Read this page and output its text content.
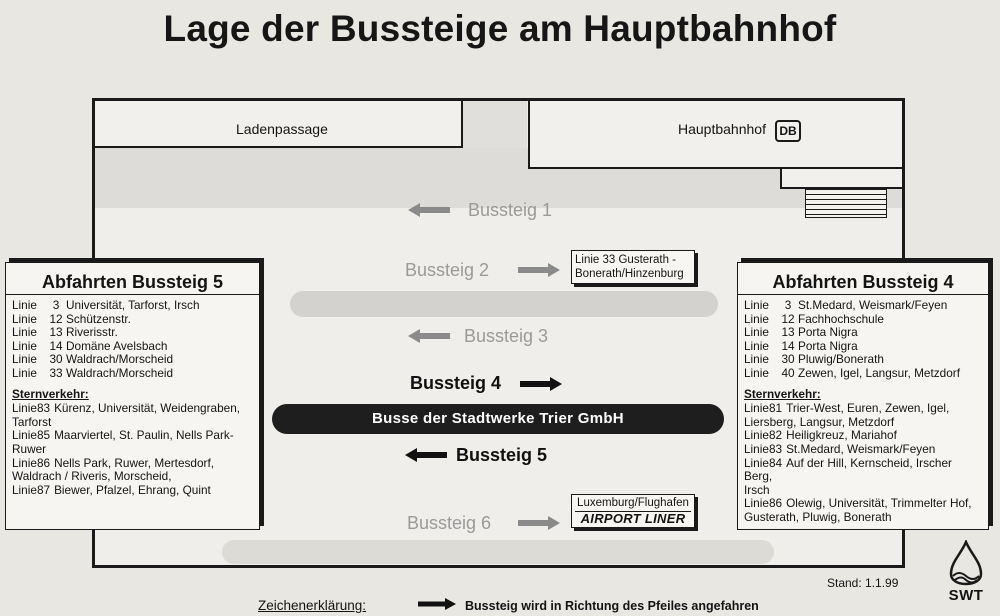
Lage der Bussteige am Hauptbahnhof
Ladenpassage	Hauptbahnhof	DB
Bussteig 1
Bussteig 2	Linie 33 Gusterath - Bonerath/Hinzenburg
Bussteig 3
Bussteig 4
Busse der Stadtwerke Trier GmbH
Bussteig 5
Bussteig 6
Luxemburg/Flughafen
AIRPORT LINER
Abfahrten Bussteig 5
Linie	3 Universität, Tarforst, Irsch
Linie	12 Schützenstr.
Linie	13 Riverisstr.
Linie	14 Domäne Avelsbach
Linie	30 Waldrach/Morscheid
Linie	33 Waldrach/Morscheid
Sternverkehr:
Linie83 Kürenz, Universität, Weidengraben,
Tarforst
Linie85 Maarviertel, St. Paulin, Nells Park-
Ruwer
Linie86 Nells Park, Ruwer, Mertesdorf,
Waldrach / Riveris, Morscheid,
Linie87 Biewer, Pfalzel, Ehrang, Quint
Abfahrten Bussteig 4
Linie	3 St.Medard, Weismark/Feyen
Linie	12 Fachhochschule
Linie	13 Porta Nigra
Linie	14 Porta Nigra
Linie	30 Pluwig/Bonerath
Linie	40 Zewen, Igel, Langsur, Metzdorf
Sternverkehr:
Linie81 Trier-West, Euren, Zewen, Igel,
Liersberg, Langsur, Metzdorf
Linie82 Heiligkreuz, Mariahof
Linie83 St.Medard, Weismark/Feyen
Linie84 Auf der Hill, Kernscheid, Irscher Berg,
Irsch
Linie86 Olewig, Universität, Trimmelter Hof,
Gusterath, Pluwig, Bonerath
Stand: 1.1.99
SWT
Zeichenerklärung:	Bussteig wird in Richtung des Pfeiles angefahren
